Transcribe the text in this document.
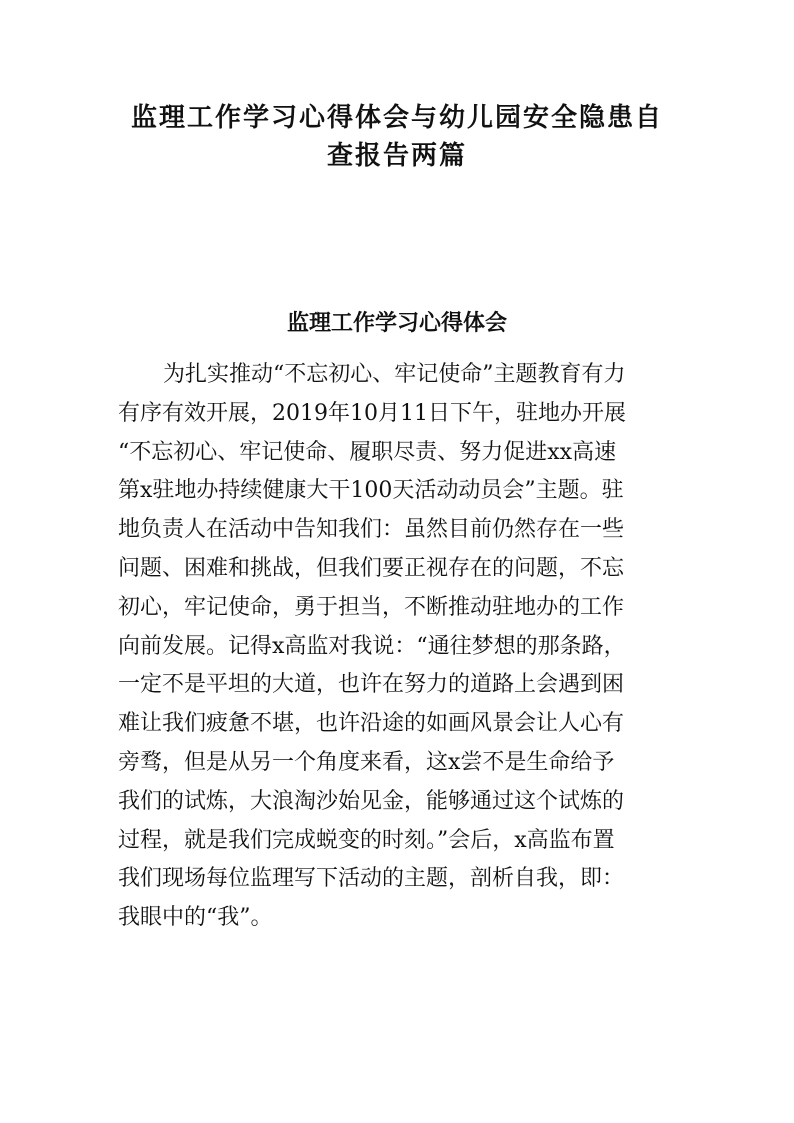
监理工作学习心得体会与幼儿园安全隐患自
查报告两篇
监理工作学习心得体会
为扎实推动“不忘初心、牢记使命”主题教育有力
有序有效开展，2019年10月11日下午，驻地办开展
“不忘初心、牢记使命、履职尽责、努力促进xx高速
第x驻地办持续健康大干100天活动动员会”主题。驻
地负责人在活动中告知我们：虽然目前仍然存在一些
问题、困难和挑战，但我们要正视存在的问题，不忘
初心，牢记使命，勇于担当，不断推动驻地办的工作
向前发展。记得x高监对我说：“通往梦想的那条路，
一定不是平坦的大道，也许在努力的道路上会遇到困
难让我们疲惫不堪，也许沿途的如画风景会让人心有
旁骛，但是从另一个角度来看，这x尝不是生命给予
我们的试炼，大浪淘沙始见金，能够通过这个试炼的
过程，就是我们完成蜕变的时刻。”会后，x高监布置
我们现场每位监理写下活动的主题，剖析自我，即：
我眼中的“我”。
